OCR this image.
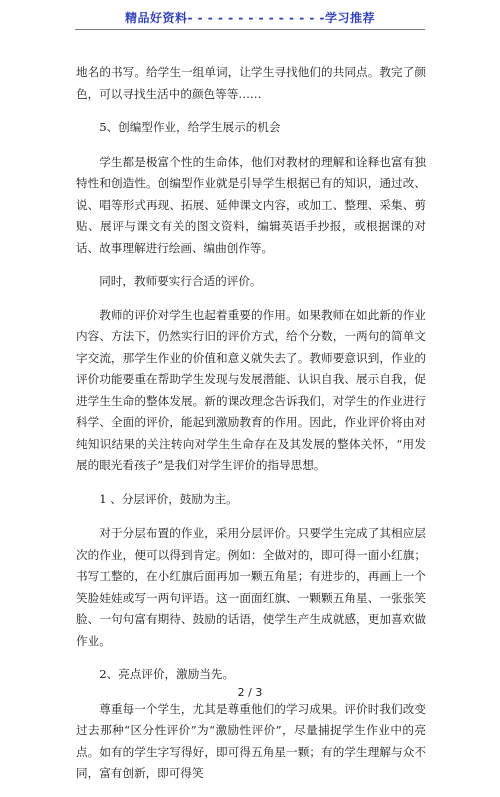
精品好资料- - - - - - - - - - - - - -学习推荐

地名的书写。给学生一组单词，让学生寻找他们的共同点。教完了颜色，可以寻找生活中的颜色等等……

5、创编型作业，给学生展示的机会

学生都是极富个性的生命体，他们对教材的理解和诠释也富有独特性和创造性。创编型作业就是引导学生根据已有的知识，通过改、说、唱等形式再现、拓展、延伸课文内容，或加工、整理、采集、剪贴、展评与课文有关的图文资料，编辑英语手抄报，或根据课的对话、故事理解进行绘画、编曲创作等。

同时，教师要实行合适的评价。

教师的评价对学生也起着重要的作用。如果教师在如此新的作业内容、方法下，仍然实行旧的评价方式，给个分数，一两句的简单文字交流，那学生作业的价值和意义就失去了。教师要意识到，作业的评价功能要重在帮助学生发现与发展潜能、认识自我、展示自我，促进学生生命的整体发展。新的课改理念告诉我们，对学生的作业进行科学、全面的评价，能起到激励教育的作用。因此，作业评价将由对纯知识结果的关注转向对学生生命存在及其发展的整体关怀，“用发展的眼光看孩子”是我们对学生评价的指导思想。

1 、分层评价，鼓励为主。

对于分层布置的作业，采用分层评价。只要学生完成了其相应层次的作业，便可以得到肯定。例如：全做对的，即可得一面小红旗；书写工整的，在小红旗后面再加一颗五角星；有进步的，再画上一个笑脸娃娃或写一两句评语。这一面面红旗、一颗颗五角星、一张张笑脸、一句句富有期待、鼓励的话语，使学生产生成就感，更加喜欢做作业。

2、亮点评价，激励当先。

尊重每一个学生，尤其是尊重他们的学习成果。评价时我们改变过去那种“区分性评价”为“激励性评价”，尽量捕捉学生作业中的亮点。如有的学生字写得好，即可得五角星一颗；有的学生理解与众不同，富有创新，即可得笑

2 / 3
